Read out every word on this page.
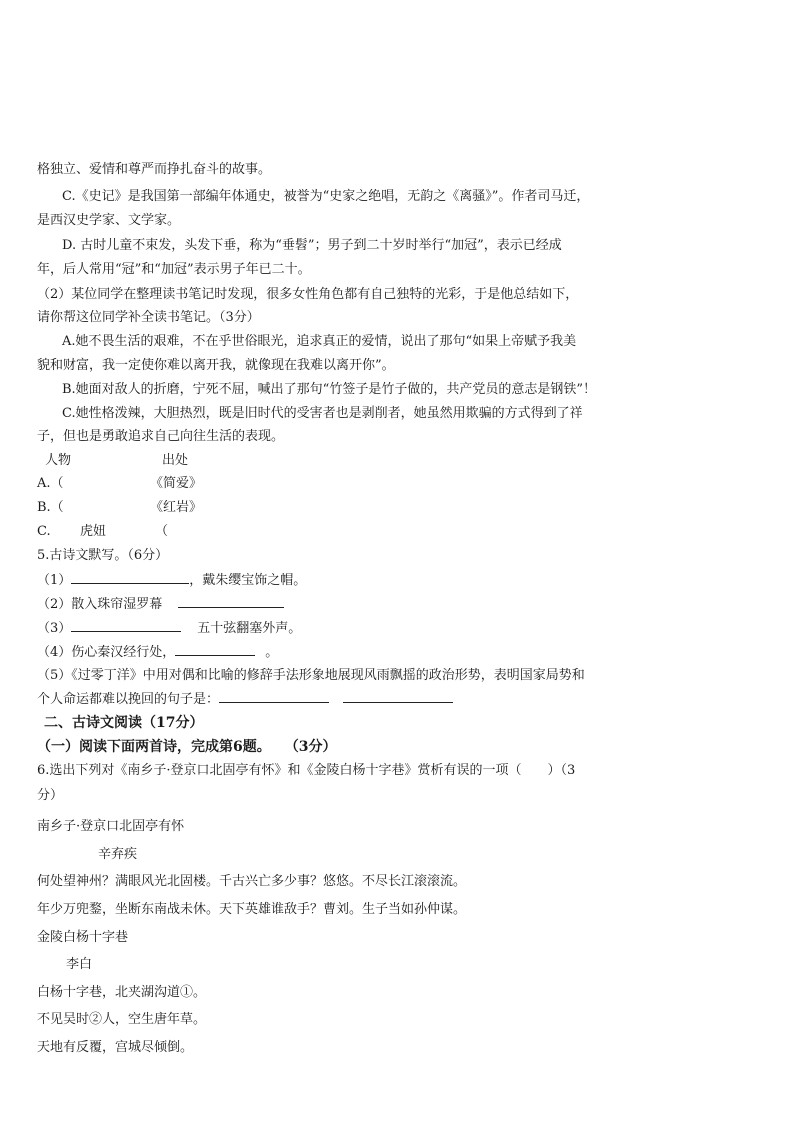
格独立、爱情和尊严而挣扎奋斗的故事。
C.《史记》是我国第一部编年体通史，被誉为“史家之绝唱，无韵之《离骚》”。作者司马迁，
是西汉史学家、文学家。
D. 古时儿童不束发，头发下垂，称为“垂髫”；男子到二十岁时举行“加冠”，表示已经成
年，后人常用“冠”和“加冠”表示男子年已二十。
（2）某位同学在整理读书笔记时发现，很多女性角色都有自己独特的光彩，于是他总结如下，
请你帮这位同学补全读书笔记。（3分）
A.她不畏生活的艰难，不在乎世俗眼光，追求真正的爱情，说出了那句“如果上帝赋予我美
貌和财富，我一定使你难以离开我，就像现在我难以离开你”。
B.她面对敌人的折磨，宁死不屈，喊出了那句“竹签子是竹子做的，共产党员的意志是钢铁”！
C.她性格泼辣，大胆热烈，既是旧时代的受害者也是剥削者，她虽然用欺骗的方式得到了祥
子，但也是勇敢追求自己向往生活的表现。
人物	出处
A.（	《简爱》
B.（	《红岩》
C. 虎妞	（
5.古诗文默写。（6分）
（1）	，戴朱缨宝饰之帽。
（2）散入珠帘湿罗幕
（3）	五十弦翻塞外声。
（4）伤心秦汉经行处，	。
（5）《过零丁洋》中用对偶和比喻的修辞手法形象地展现风雨飘摇的政治形势，表明国家局势和
个人命运都难以挽回的句子是：
二、古诗文阅读（17分）
（一）阅读下面两首诗，完成第6题。 （3分）
6.选出下列对《南乡子·登京口北固亭有怀》和《金陵白杨十字巷》赏析有误的一项（ ）（3
分）
南乡子·登京口北固亭有怀
辛弃疾
何处望神州？满眼风光北固楼。千古兴亡多少事？悠悠。不尽长江滚滚流。
年少万兜鍪，坐断东南战未休。天下英雄谁敌手？曹刘。生子当如孙仲谋。
金陵白杨十字巷
李白
白杨十字巷，北夹湖沟道①。
不见吴时②人，空生唐年草。
天地有反覆，宫城尽倾倒。
